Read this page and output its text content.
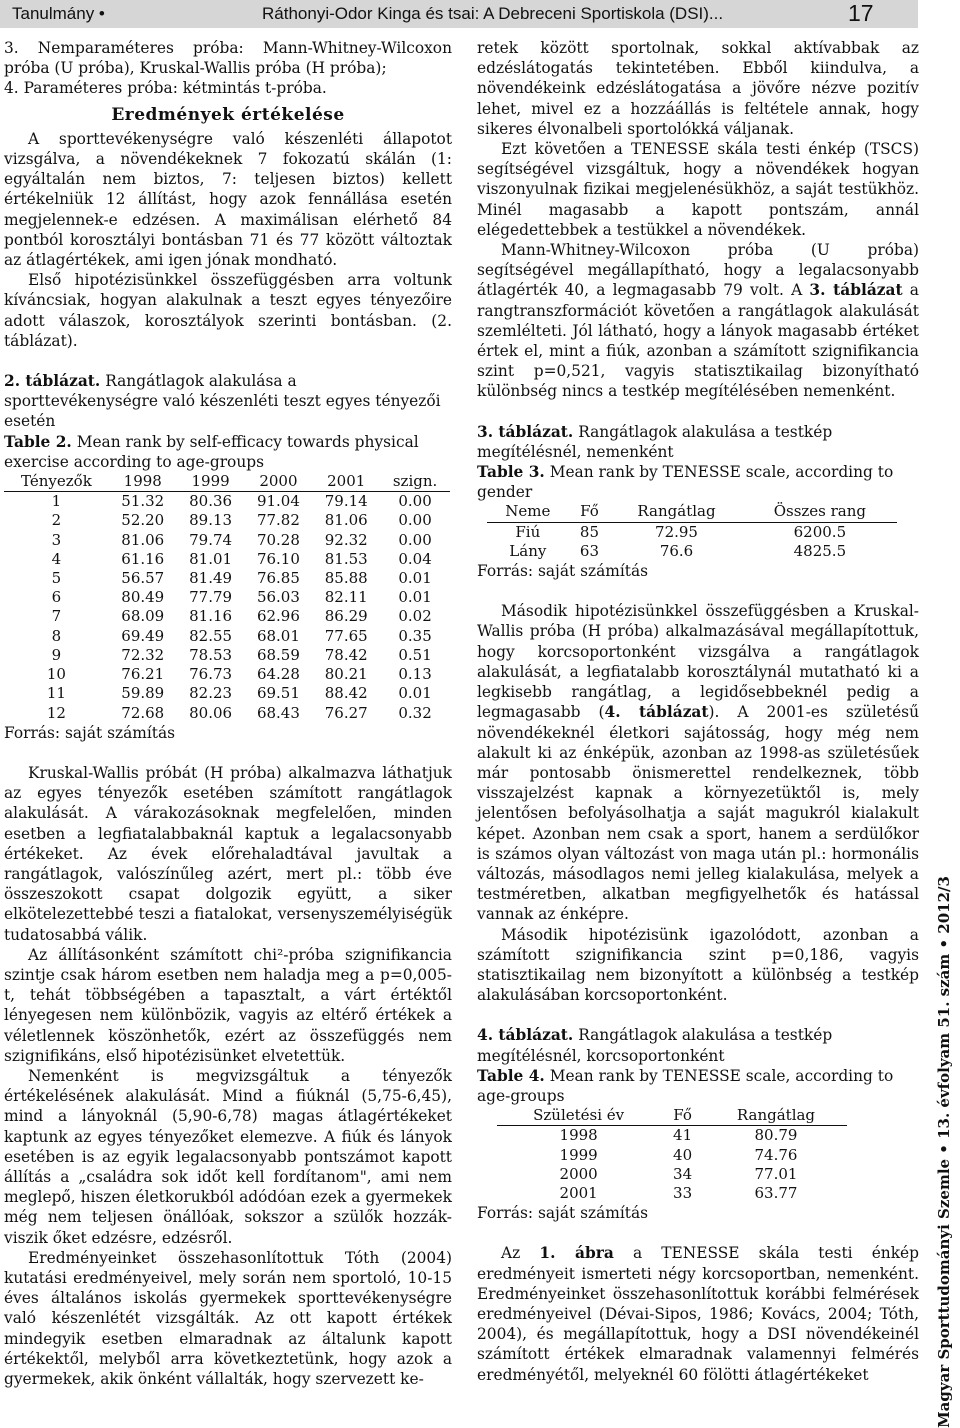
Tanulmány •	Ráthonyi-Odor Kinga és tsai: A Debreceni Sportiskola (DSI)...	17

3. Nemparaméteres próba: Mann-Whitney-Wilcoxon próba (U próba), Kruskal-Wallis próba (H próba);

4. Paraméteres próba: kétmintás t-próba.

Eredmények értékelése

A sporttevékenységre való készenléti állapotot vizsgálva, a növendékeknek 7 fokozatú skálán (1: egyáltalán nem biztos, 7: teljesen biztos) kellett értékelniük 12 állítást, hogy azok fennállása esetén megjelennek-e edzésen. A maximálisan elérhető 84 pontból korosztályi bontásban 71 és 77 között változtak az átlagértékek, ami igen jónak mondható.

Első hipotézisünkkel összefüggésben arra voltunk kíváncsiak, hogyan alakulnak a teszt egyes tényezőire adott válaszok, korosztályok szerinti bontásban. (2. táblázat).

2. táblázat. Rangátlagok alakulása a sporttevékenységre való készenléti teszt egyes tényezői esetén

Table 2. Mean rank by self-efficacy towards physical exercise according to age-groups

Tényezők	1998	1999	2000	2001	szign.
1	51.32	80.36	91.04	79.14	0.00
2	52.20	89.13	77.82	81.06	0.00
3	81.06	79.74	70.28	92.32	0.00
4	61.16	81.01	76.10	81.53	0.04
5	56.57	81.49	76.85	85.88	0.01
6	80.49	77.79	56.03	82.11	0.01
7	68.09	81.16	62.96	86.29	0.02
8	69.49	82.55	68.01	77.65	0.35
9	72.32	78.53	68.59	78.42	0.51
10	76.21	76.73	64.28	80.21	0.13
11	59.89	82.23	69.51	88.42	0.01
12	72.68	80.06	68.43	76.27	0.32

Forrás: saját számítás

Kruskal-Wallis próbát (H próba) alkalmazva láthatjuk az egyes tényezők esetében számított rangátlagok alakulását. A várakozásoknak megfelelően, minden esetben a legfiatalabbaknál kaptuk a legalacsonyabb értékeket. Az évek előrehaladtával javultak a rangátlagok, valószínűleg azért, mert pl.: több éve összeszokott csapat dolgozik együtt, a siker elkötelezettebbé teszi a fiatalokat, versenyszemélyiségük tudatosabbá válik.

Az állításonként számított chi²-próba szignifikancia szintje csak három esetben nem haladja meg a p=0,005-t, tehát többségében a tapasztalt, a várt értéktől lényegesen nem különbözik, vagyis az eltérő értékek a véletlennek köszönhetők, ezért az összefüggés nem szignifikáns, első hipotézisünket elvetettük.

Nemenként is megvizsgáltuk a tényezők értékelésének alakulását. Mind a fiúknál (5,75-6,45), mind a lányoknál (5,90-6,78) magas átlagértékeket kaptunk az egyes tényezőket elemezve. A fiúk és lányok esetében is az egyik legalacsonyabb pontszámot kapott állítás a „családra sok időt kell fordítanom", ami nem meglepő, hiszen életkorukból adódóan ezek a gyermekek még nem teljesen önállóak, sokszor a szülők hozzák-viszik őket edzésre, edzésről.

Eredményeinket összehasonlítottuk Tóth (2004) kutatási eredményeivel, mely során nem sportoló, 10-15 éves általános iskolás gyermekek sporttevékenységre való készenlétét vizsgálták. Az ott kapott értékek mindegyik esetben elmaradnak az általunk kapott értékektől, melyből arra következtetünk, hogy azok a gyermekek, akik önként vállalták, hogy szervezett ke-

retek között sportolnak, sokkal aktívabbak az edzéslátogatás tekintetében. Ebből kiindulva, a növendékeink edzéslátogatása a jövőre nézve pozitív lehet, mivel ez a hozzáállás is feltétele annak, hogy sikeres élvonalbeli sportolókká váljanak.

Ezt követően a TENESSE skála testi énkép (TSCS) segítségével vizsgáltuk, hogy a növendékek hogyan viszonyulnak fizikai megjelenésükhöz, a saját testükhöz. Minél magasabb a kapott pontszám, annál elégedettebbek a testükkel a növendékek.

Mann-Whitney-Wilcoxon próba (U próba) segítségével megállapítható, hogy a legalacsonyabb átlagérték 40, a legmagasabb 79 volt. A 3. táblázat a rangtranszformációt követően a rangátlagok alakulását szemlélteti. Jól látható, hogy a lányok magasabb értéket értek el, mint a fiúk, azonban a számított szignifikancia szint p=0,521, vagyis statisztikailag bizonyítható különbség nincs a testkép megítélésében nemenként.

3. táblázat. Rangátlagok alakulása a testkép megítélésnél, nemenként

Table 3. Mean rank by TENESSE scale, according to gender

Neme	Fő	Rangátlag	Összes rang
Fiú	85	72.95	6200.5
Lány	63	76.6	4825.5

Forrás: saját számítás

Második hipotézisünkkel összefüggésben a Kruskal-Wallis próba (H próba) alkalmazásával megállapítottuk, hogy korcsoportonként vizsgálva a rangátlagok alakulását, a legfiatalabb korosztálynál mutatható ki a legkisebb rangátlag, a legidősebbeknél pedig a legmagasabb (4. táblázat). A 2001-es születésű növendékeknél életkori sajátosság, hogy még nem alakult ki az énképük, azonban az 1998-as születésűek már pontosabb önismerettel rendelkeznek, több visszajelzést kapnak a környezetüktől is, mely jelentősen befolyásolhatja a saját magukról kialakult képet. Azonban nem csak a sport, hanem a serdülőkor is számos olyan változást von maga után pl.: hormonális változás, másodlagos nemi jelleg kialakulása, melyek a testméretben, alkatban megfigyelhetők és hatással vannak az énképre.

Második hipotézisünk igazolódott, azonban a számított szignifikancia szint p=0,186, vagyis statisztikailag nem bizonyított a különbség a testkép alakulásában korcsoportonként.

4. táblázat. Rangátlagok alakulása a testkép megítélésnél, korcsoportonként

Table 4. Mean rank by TENESSE scale, according to age-groups

Születési év	Fő	Rangátlag
1998	41	80.79
1999	40	74.76
2000	34	77.01
2001	33	63.77

Forrás: saját számítás

Az 1. ábra a TENESSE skála testi énkép eredményeit ismerteti négy korcsoportban, nemenként. Eredményeinket összehasonlítottuk korábbi felmérések eredményeivel (Dévai-Sipos, 1986; Kovács, 2004; Tóth, 2004), és megállapítottuk, hogy a DSI növendékeinél számított értékek elmaradnak valamennyi felmérés eredményétől, melyeknél 60 fölötti átlagértékeket	Magyar Sporttudományi Szemle • 13. évfolyam 51. szám • 2012/3
